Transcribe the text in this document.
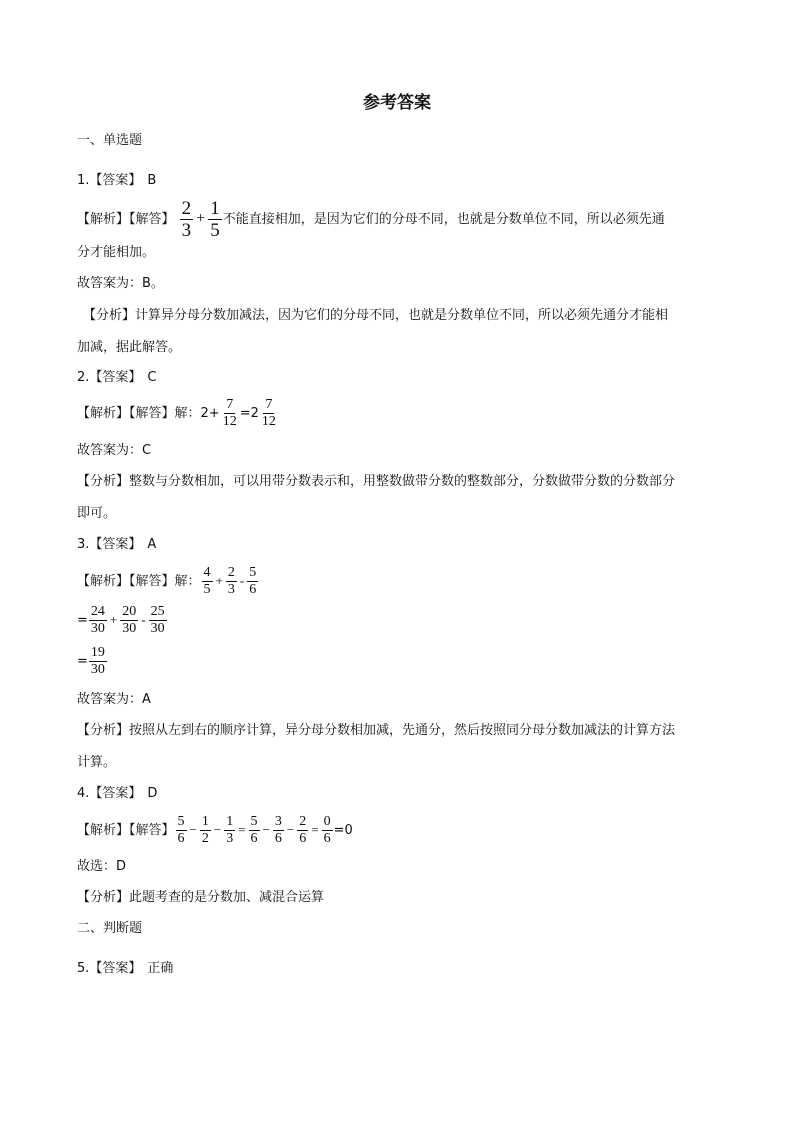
参考答案
一、单选题
1.【答案】 B
【解析】【解答】 $\frac{2}{3} + \frac{1}{5}$ 不能直接相加，是因为它们的分母不同，也就是分数单位不同，所以必须先通
分才能相加。
故答案为：B。
【分析】计算异分母分数加减法，因为它们的分母不同，也就是分数单位不同，所以必须先通分才能相
加减，据此解答。
2.【答案】 C
【解析】【解答】解：$2+ \frac{7}{12} =2 \frac{7}{12}$
故答案为：C
【分析】整数与分数相加，可以用带分数表示和，用整数做带分数的整数部分，分数做带分数的分数部分
即可。
3.【答案】 A
【解析】【解答】解： $\frac{4}{5} + \frac{2}{3} - \frac{5}{6}$
= $\frac{24}{30} + \frac{20}{30} - \frac{25}{30}$
= $\frac{19}{30}$
故答案为：A
【分析】按照从左到右的顺序计算，异分母分数相加减，先通分，然后按照同分母分数加减法的计算方法
计算。
4.【答案】 D
【解析】【解答】 $\frac{5}{6} - \frac{1}{2} - \frac{1}{3} = \frac{5}{6} - \frac{3}{6} - \frac{2}{6} = \frac{0}{6} =0$
故选：D
【分析】此题考查的是分数加、减混合运算
二、判断题
5.【答案】 正确
